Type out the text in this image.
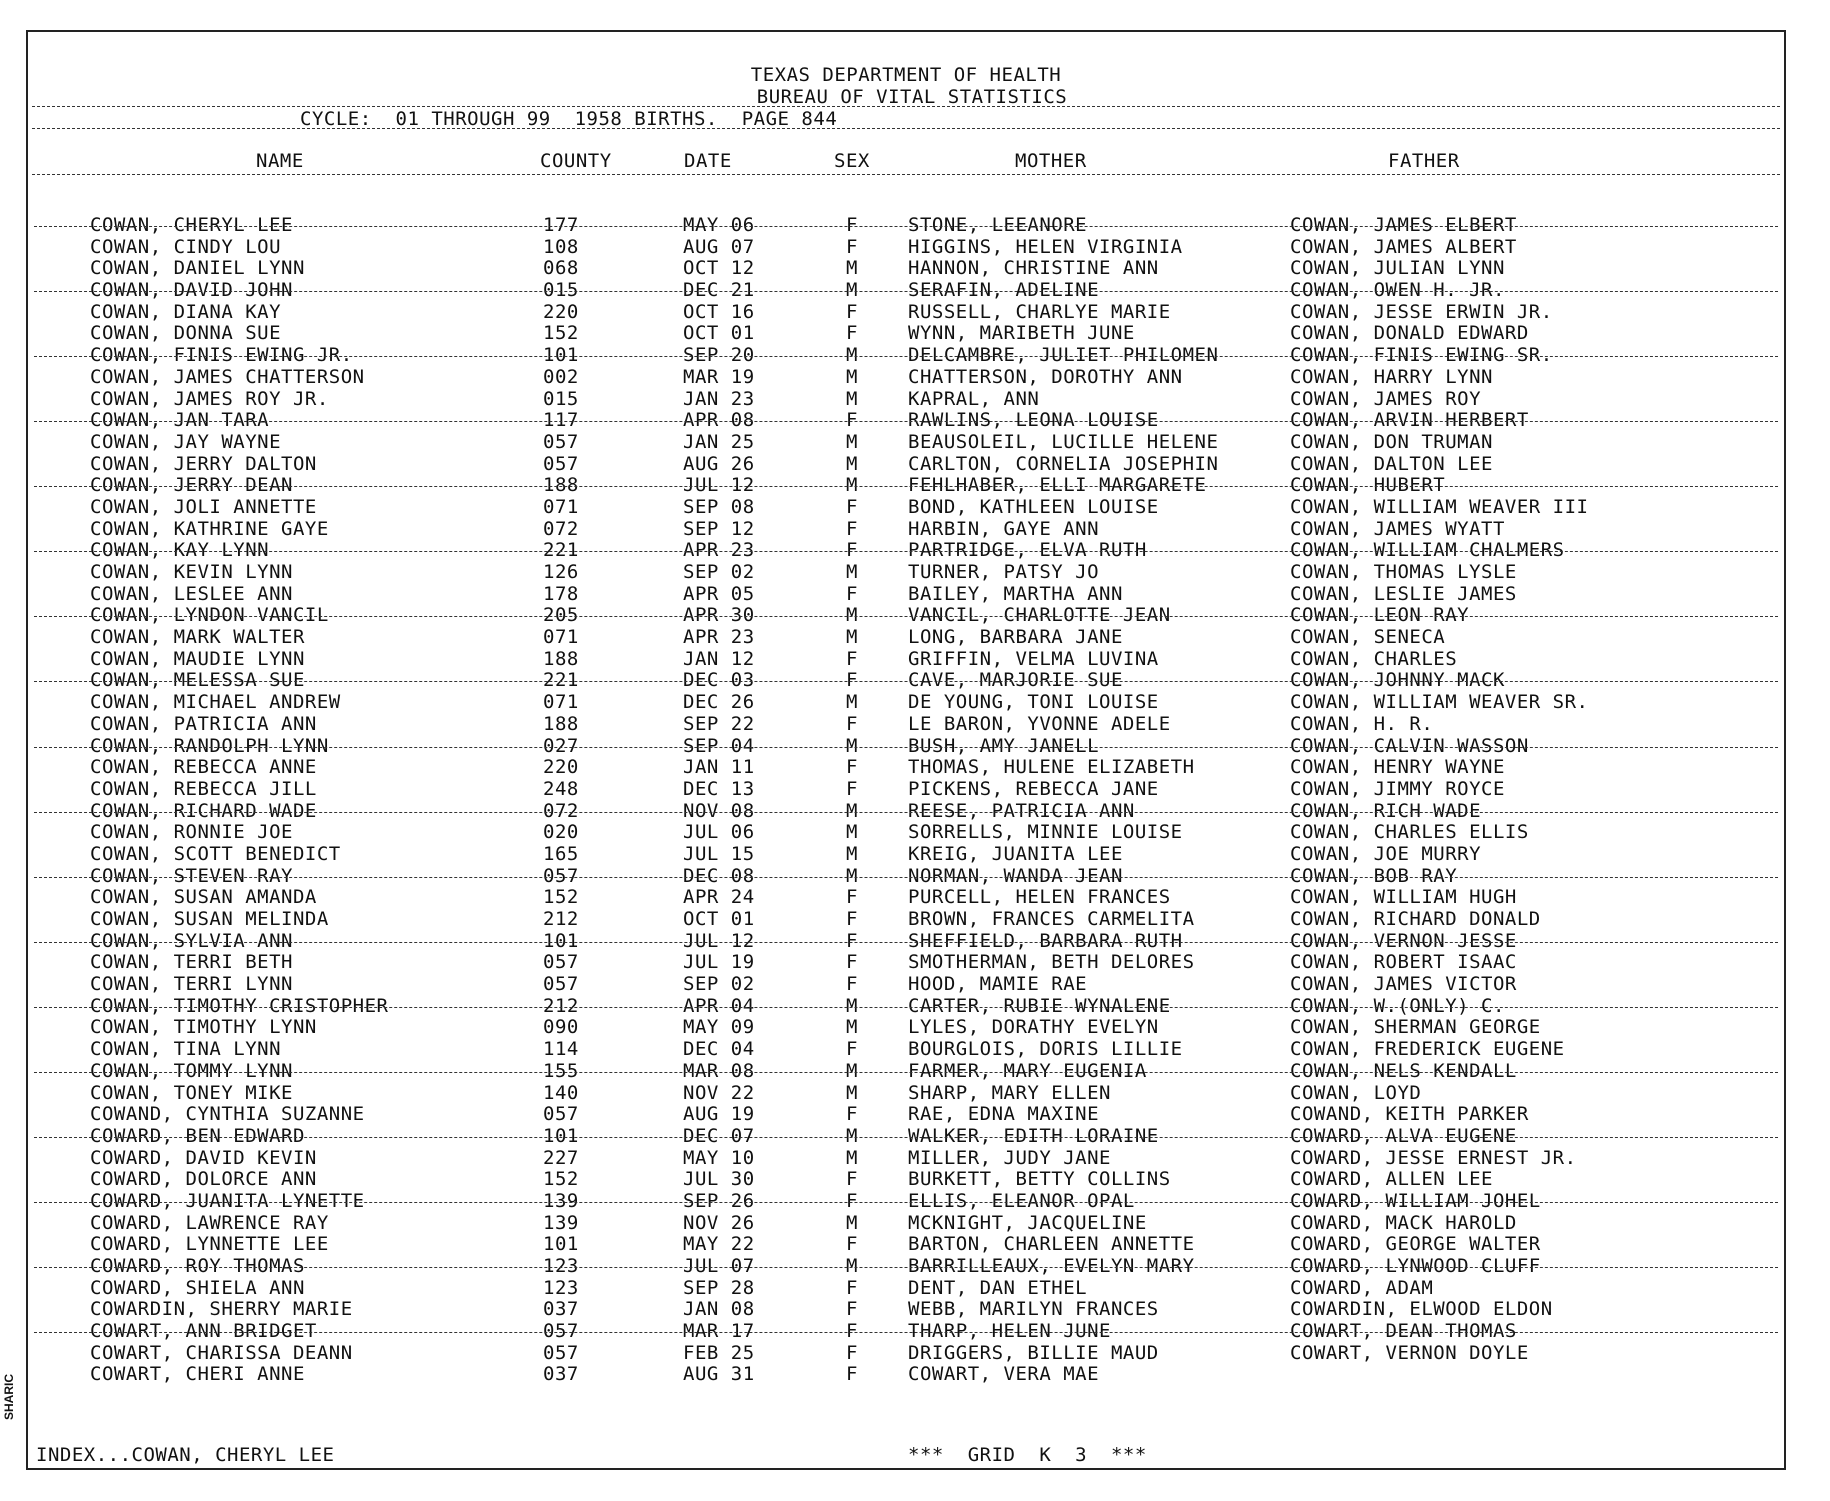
TEXAS DEPARTMENT OF HEALTH
BUREAU OF VITAL STATISTICS
CYCLE:  01 THROUGH 99  1958 BIRTHS.  PAGE 844
NAME	COUNTY	DATE	SEX	MOTHER	FATHER
COWAN, CHERYL LEE	177	MAY 06	F	STONE, LEEANORE	COWAN, JAMES ELBERT
COWAN, CINDY LOU	108	AUG 07	F	HIGGINS, HELEN VIRGINIA	COWAN, JAMES ALBERT
COWAN, DANIEL LYNN	068	OCT 12	M	HANNON, CHRISTINE ANN	COWAN, JULIAN LYNN
COWAN, DAVID JOHN	015	DEC 21	M	SERAFIN, ADELINE	COWAN, OWEN H. JR.
COWAN, DIANA KAY	220	OCT 16	F	RUSSELL, CHARLYE MARIE	COWAN, JESSE ERWIN JR.
COWAN, DONNA SUE	152	OCT 01	F	WYNN, MARIBETH JUNE	COWAN, DONALD EDWARD
COWAN, FINIS EWING JR.	101	SEP 20	M	DELCAMBRE, JULIET PHILOMEN	COWAN, FINIS EWING SR.
COWAN, JAMES CHATTERSON	002	MAR 19	M	CHATTERSON, DOROTHY ANN	COWAN, HARRY LYNN
COWAN, JAMES ROY JR.	015	JAN 23	M	KAPRAL, ANN	COWAN, JAMES ROY
COWAN, JAN TARA	117	APR 08	F	RAWLINS, LEONA LOUISE	COWAN, ARVIN HERBERT
COWAN, JAY WAYNE	057	JAN 25	M	BEAUSOLEIL, LUCILLE HELENE	COWAN, DON TRUMAN
COWAN, JERRY DALTON	057	AUG 26	M	CARLTON, CORNELIA JOSEPHIN	COWAN, DALTON LEE
COWAN, JERRY DEAN	188	JUL 12	M	FEHLHABER, ELLI MARGARETE	COWAN, HUBERT
COWAN, JOLI ANNETTE	071	SEP 08	F	BOND, KATHLEEN LOUISE	COWAN, WILLIAM WEAVER III
COWAN, KATHRINE GAYE	072	SEP 12	F	HARBIN, GAYE ANN	COWAN, JAMES WYATT
COWAN, KAY LYNN	221	APR 23	F	PARTRIDGE, ELVA RUTH	COWAN, WILLIAM CHALMERS
COWAN, KEVIN LYNN	126	SEP 02	M	TURNER, PATSY JO	COWAN, THOMAS LYSLE
COWAN, LESLEE ANN	178	APR 05	F	BAILEY, MARTHA ANN	COWAN, LESLIE JAMES
COWAN, LYNDON VANCIL	205	APR 30	M	VANCIL, CHARLOTTE JEAN	COWAN, LEON RAY
COWAN, MARK WALTER	071	APR 23	M	LONG, BARBARA JANE	COWAN, SENECA
COWAN, MAUDIE LYNN	188	JAN 12	F	GRIFFIN, VELMA LUVINA	COWAN, CHARLES
COWAN, MELESSA SUE	221	DEC 03	F	CAVE, MARJORIE SUE	COWAN, JOHNNY MACK
COWAN, MICHAEL ANDREW	071	DEC 26	M	DE YOUNG, TONI LOUISE	COWAN, WILLIAM WEAVER SR.
COWAN, PATRICIA ANN	188	SEP 22	F	LE BARON, YVONNE ADELE	COWAN, H. R.
COWAN, RANDOLPH LYNN	027	SEP 04	M	BUSH, AMY JANELL	COWAN, CALVIN WASSON
COWAN, REBECCA ANNE	220	JAN 11	F	THOMAS, HULENE ELIZABETH	COWAN, HENRY WAYNE
COWAN, REBECCA JILL	248	DEC 13	F	PICKENS, REBECCA JANE	COWAN, JIMMY ROYCE
COWAN, RICHARD WADE	072	NOV 08	M	REESE, PATRICIA ANN	COWAN, RICH WADE
COWAN, RONNIE JOE	020	JUL 06	M	SORRELLS, MINNIE LOUISE	COWAN, CHARLES ELLIS
COWAN, SCOTT BENEDICT	165	JUL 15	M	KREIG, JUANITA LEE	COWAN, JOE MURRY
COWAN, STEVEN RAY	057	DEC 08	M	NORMAN, WANDA JEAN	COWAN, BOB RAY
COWAN, SUSAN AMANDA	152	APR 24	F	PURCELL, HELEN FRANCES	COWAN, WILLIAM HUGH
COWAN, SUSAN MELINDA	212	OCT 01	F	BROWN, FRANCES CARMELITA	COWAN, RICHARD DONALD
COWAN, SYLVIA ANN	101	JUL 12	F	SHEFFIELD, BARBARA RUTH	COWAN, VERNON JESSE
COWAN, TERRI BETH	057	JUL 19	F	SMOTHERMAN, BETH DELORES	COWAN, ROBERT ISAAC
COWAN, TERRI LYNN	057	SEP 02	F	HOOD, MAMIE RAE	COWAN, JAMES VICTOR
COWAN, TIMOTHY CRISTOPHER	212	APR 04	M	CARTER, RUBIE WYNALENE	COWAN, W.(ONLY) C.
COWAN, TIMOTHY LYNN	090	MAY 09	M	LYLES, DORATHY EVELYN	COWAN, SHERMAN GEORGE
COWAN, TINA LYNN	114	DEC 04	F	BOURGLOIS, DORIS LILLIE	COWAN, FREDERICK EUGENE
COWAN, TOMMY LYNN	155	MAR 08	M	FARMER, MARY EUGENIA	COWAN, NELS KENDALL
COWAN, TONEY MIKE	140	NOV 22	M	SHARP, MARY ELLEN	COWAN, LOYD
COWAND, CYNTHIA SUZANNE	057	AUG 19	F	RAE, EDNA MAXINE	COWAND, KEITH PARKER
COWARD, BEN EDWARD	101	DEC 07	M	WALKER, EDITH LORAINE	COWARD, ALVA EUGENE
COWARD, DAVID KEVIN	227	MAY 10	M	MILLER, JUDY JANE	COWARD, JESSE ERNEST JR.
COWARD, DOLORCE ANN	152	JUL 30	F	BURKETT, BETTY COLLINS	COWARD, ALLEN LEE
COWARD, JUANITA LYNETTE	139	SEP 26	F	ELLIS, ELEANOR OPAL	COWARD, WILLIAM JOHEL
COWARD, LAWRENCE RAY	139	NOV 26	M	MCKNIGHT, JACQUELINE	COWARD, MACK HAROLD
COWARD, LYNNETTE LEE	101	MAY 22	F	BARTON, CHARLEEN ANNETTE	COWARD, GEORGE WALTER
COWARD, ROY THOMAS	123	JUL 07	M	BARRILLEAUX, EVELYN MARY	COWARD, LYNWOOD CLUFF
COWARD, SHIELA ANN	123	SEP 28	F	DENT, DAN ETHEL	COWARD, ADAM
COWARDIN, SHERRY MARIE	037	JAN 08	F	WEBB, MARILYN FRANCES	COWARDIN, ELWOOD ELDON
COWART, ANN BRIDGET	057	MAR 17	F	THARP, HELEN JUNE	COWART, DEAN THOMAS
COWART, CHARISSA DEANN	057	FEB 25	F	DRIGGERS, BILLIE MAUD	COWART, VERNON DOYLE
COWART, CHERI ANNE	037	AUG 31	F	COWART, VERA MAE
INDEX...COWAN, CHERYL LEE	***  GRID  K  3  ***
SHARIC
